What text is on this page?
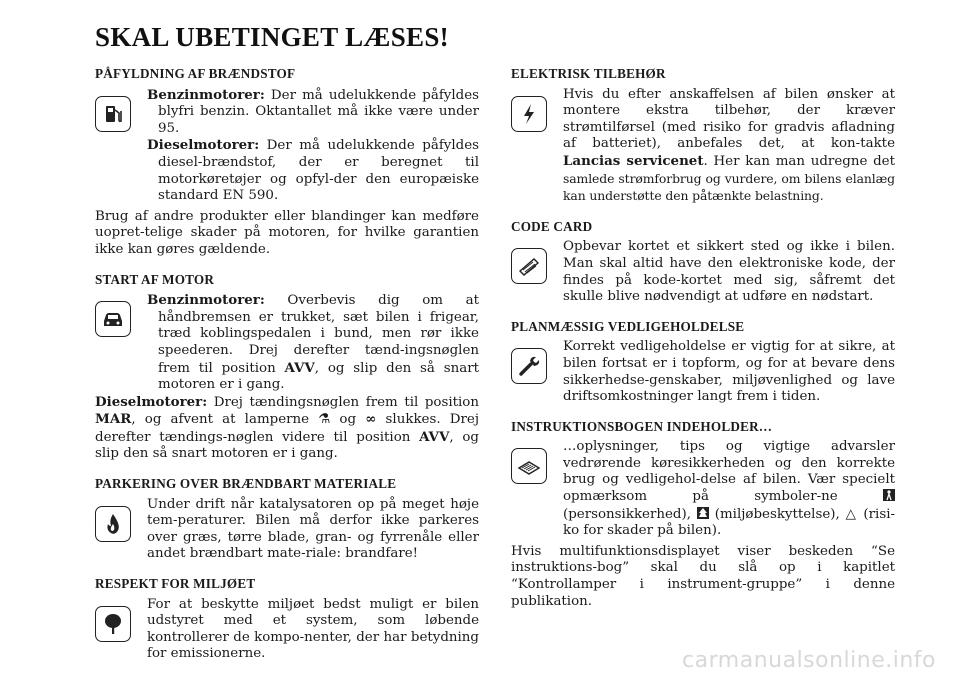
SKAL UBETINGET LÆSES!
PÅFYLDNING AF BRÆNDSTOF

Benzinmotorer: Der må udelukkende påfyldes blyfri benzin. Oktantallet må ikke være under 95.

Dieselmotorer: Der må udelukkende påfyldes diesel-brændstof, der er beregnet til motorkøretøjer og opfyl-der den europæiske standard EN 590.

Brug af andre produkter eller blandinger kan medføre uopret-telige skader på motoren, for hvilke garantien ikke kan gøres gældende.

START AF MOTOR

Benzinmotorer: Overbevis dig om at håndbremsen er trukket, sæt bilen i frigear, træd koblingspedalen i bund, men rør ikke speederen. Drej derefter tænd-ingsnøglen frem til position AVV, og slip den så snart motoren er i gang.

Dieselmotorer: Drej tændingsnøglen frem til position MAR, og afvent at lamperne ⚗ og ∞ slukkes. Drej derefter tændings-nøglen videre til position AVV, og slip den så snart motoren er i gang.

PARKERING OVER BRÆNDBART MATERIALE

Under drift når katalysatoren op på meget høje tem-peraturer. Bilen må derfor ikke parkeres over græs, tørre blade, gran- og fyrrenåle eller andet brændbart mate-riale: brandfare!

RESPEKT FOR MILJØET

For at beskytte miljøet bedst muligt er bilen udstyret med et system, som løbende kontrollerer de kompo-nenter, der har betydning for emissionerne.

ELEKTRISK TILBEHØR

Hvis du efter anskaffelsen af bilen ønsker at montere ekstra tilbehør, der kræver strømtilførsel (med risiko for gradvis afladning af batteriet), anbefales det, at kon-takte Lancias servicenet. Her kan man udregne det samlede strømforbrug og vurdere, om bilens elanlæg kan understøtte den påtænkte belastning.

CODE CARD

Opbevar kortet et sikkert sted og ikke i bilen. Man skal altid have den elektroniske kode, der findes på kode-kortet med sig, såfremt det skulle blive nødvendigt at udføre en nødstart.

PLANMÆSSIG VEDLIGEHOLDELSE

Korrekt vedligeholdelse er vigtig for at sikre, at bilen fortsat er i topform, og for at bevare dens sikkerhedse-genskaber, miljøvenlighed og lave driftsomkostninger langt frem i tiden.

INSTRUKTIONSBOGEN INDEHOLDER…

…oplysninger, tips og vigtige advarsler vedrørende køresikkerheden og den korrekte brug og vedligehol-delse af bilen. Vær specielt opmærksom på symboler-ne
(personsikkerhed),
(miljøbeskyttelse), △ (risi-ko for skader på bilen).

Hvis multifunktionsdisplayet viser beskeden “Se instruktions-bog” skal du slå op i kapitlet “Kontrollamper i instrument-gruppe” i denne publikation.

carmanualsonline.info
